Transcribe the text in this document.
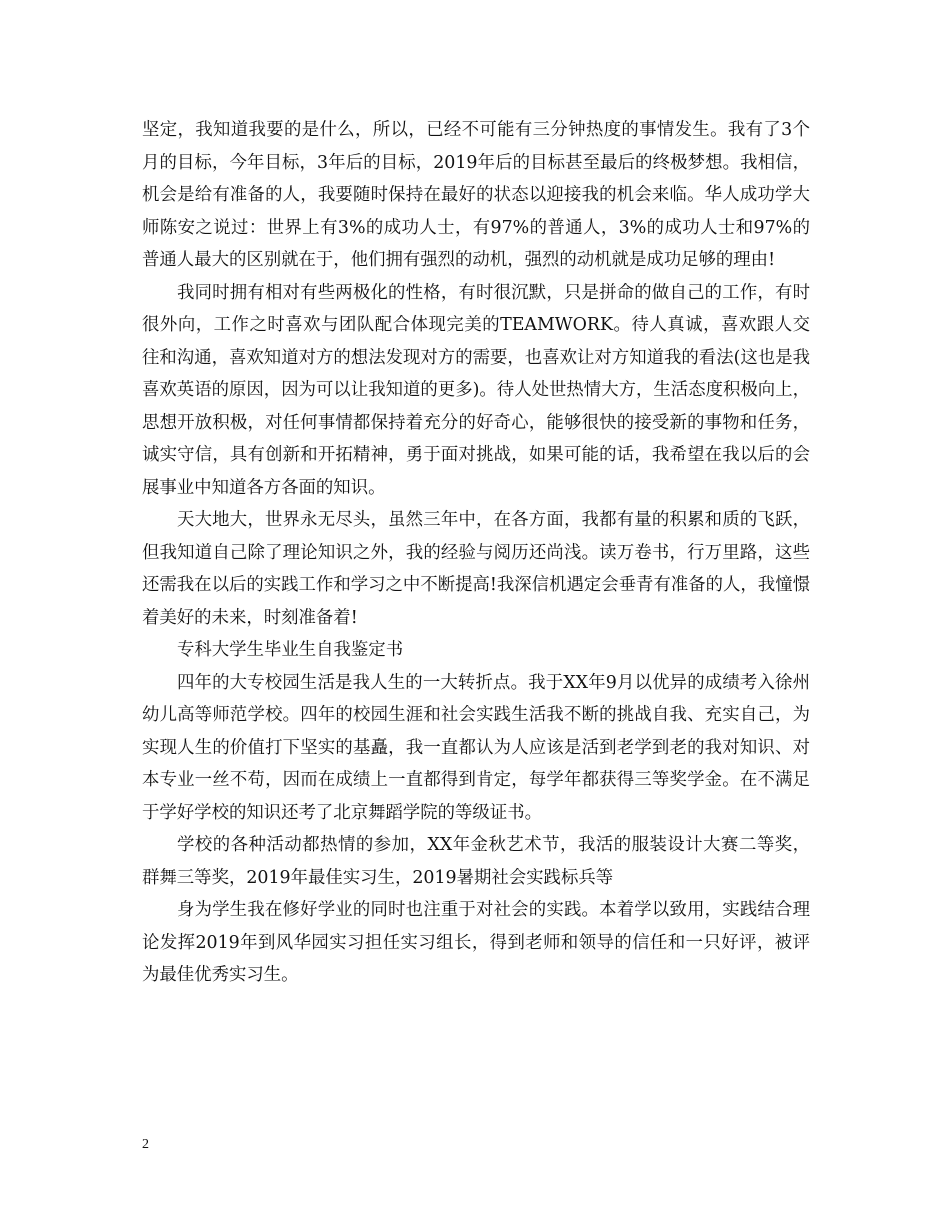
坚定，我知道我要的是什么，所以，已经不可能有三分钟热度的事情发生。我有了3个月的目标，今年目标，3年后的目标，2019年后的目标甚至最后的终极梦想。我相信，机会是给有准备的人，我要随时保持在最好的状态以迎接我的机会来临。华人成功学大师陈安之说过：世界上有3%的成功人士，有97%的普通人，3%的成功人士和97%的普通人最大的区别就在于，他们拥有强烈的动机，强烈的动机就是成功足够的理由!

我同时拥有相对有些两极化的性格，有时很沉默，只是拼命的做自己的工作，有时很外向，工作之时喜欢与团队配合体现完美的TEAMWORK。待人真诚，喜欢跟人交往和沟通，喜欢知道对方的想法发现对方的需要，也喜欢让对方知道我的看法(这也是我喜欢英语的原因，因为可以让我知道的更多)。待人处世热情大方，生活态度积极向上，思想开放积极，对任何事情都保持着充分的好奇心，能够很快的接受新的事物和任务，诚实守信，具有创新和开拓精神，勇于面对挑战，如果可能的话，我希望在我以后的会展事业中知道各方各面的知识。

天大地大，世界永无尽头，虽然三年中，在各方面，我都有量的积累和质的飞跃，但我知道自己除了理论知识之外，我的经验与阅历还尚浅。读万卷书，行万里路，这些还需我在以后的实践工作和学习之中不断提高!我深信机遇定会垂青有准备的人，我憧憬着美好的未来，时刻准备着!

专科大学生毕业生自我鉴定书

四年的大专校园生活是我人生的一大转折点。我于XX年9月以优异的成绩考入徐州幼儿高等师范学校。四年的校园生涯和社会实践生活我不断的挑战自我、充实自己，为实现人生的价值打下坚实的基矗，我一直都认为人应该是活到老学到老的我对知识、对本专业一丝不苟，因而在成绩上一直都得到肯定，每学年都获得三等奖学金。在不满足于学好学校的知识还考了北京舞蹈学院的等级证书。

学校的各种活动都热情的参加，XX年金秋艺术节，我活的服装设计大赛二等奖，群舞三等奖，2019年最佳实习生，2019暑期社会实践标兵等

身为学生我在修好学业的同时也注重于对社会的实践。本着学以致用，实践结合理论发挥2019年到风华园实习担任实习组长，得到老师和领导的信任和一只好评，被评为最佳优秀实习生。

2
